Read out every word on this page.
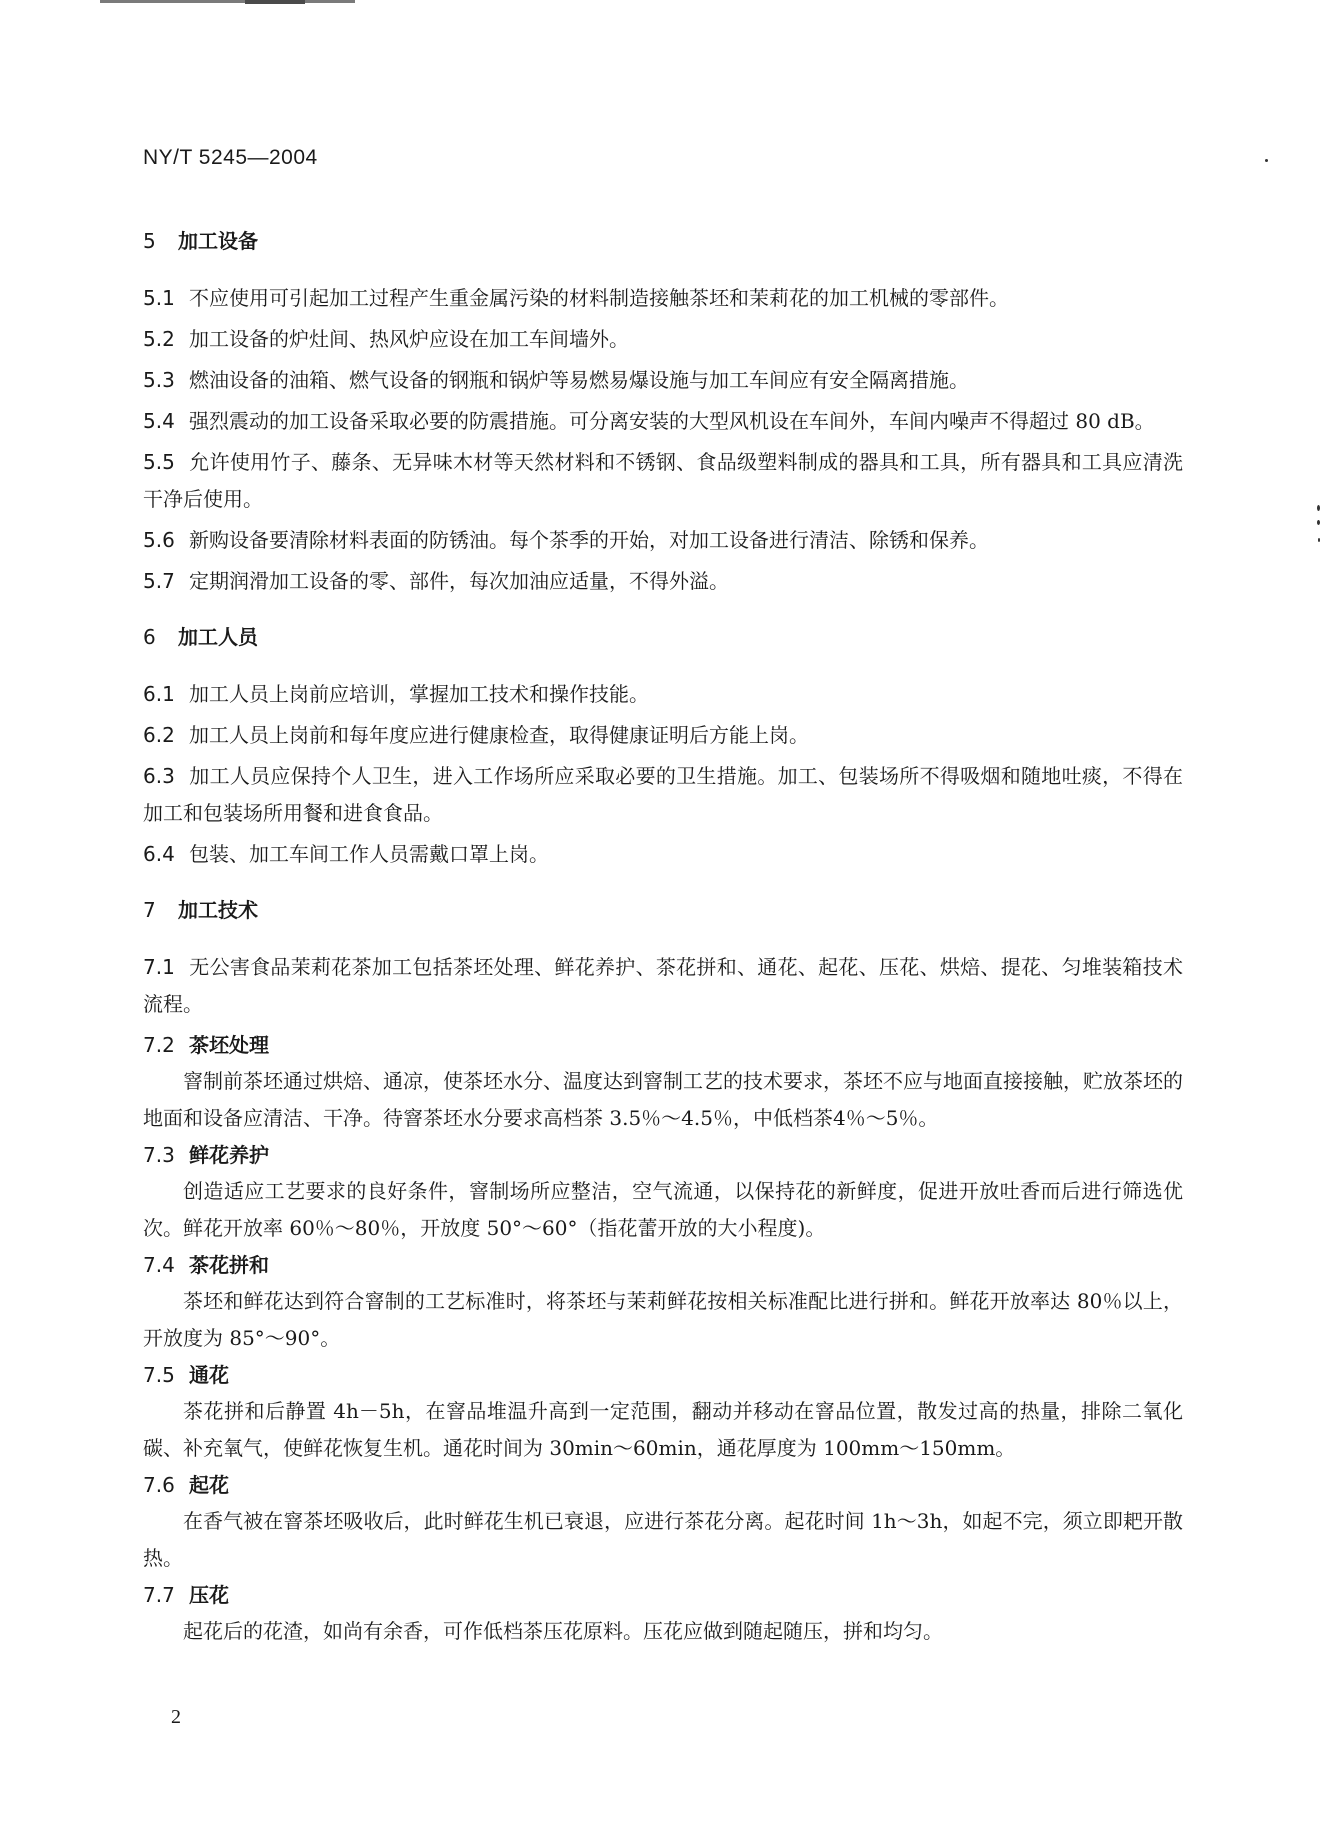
NY/T 5245—2004
5 加工设备

5.1 不应使用可引起加工过程产生重金属污染的材料制造接触茶坯和茉莉花的加工机械的零部件。

5.2 加工设备的炉灶间、热风炉应设在加工车间墙外。

5.3 燃油设备的油箱、燃气设备的钢瓶和锅炉等易燃易爆设施与加工车间应有安全隔离措施。

5.4 强烈震动的加工设备采取必要的防震措施。可分离安装的大型风机设在车间外，车间内噪声不得超过 80 dB。

5.5 允许使用竹子、藤条、无异味木材等天然材料和不锈钢、食品级塑料制成的器具和工具，所有器具和工具应清洗干净后使用。

5.6 新购设备要清除材料表面的防锈油。每个茶季的开始，对加工设备进行清洁、除锈和保养。

5.7 定期润滑加工设备的零、部件，每次加油应适量，不得外溢。

6 加工人员

6.1 加工人员上岗前应培训，掌握加工技术和操作技能。

6.2 加工人员上岗前和每年度应进行健康检查，取得健康证明后方能上岗。

6.3 加工人员应保持个人卫生，进入工作场所应采取必要的卫生措施。加工、包装场所不得吸烟和随地吐痰，不得在加工和包装场所用餐和进食食品。

6.4 包装、加工车间工作人员需戴口罩上岗。

7 加工技术

7.1 无公害食品茉莉花茶加工包括茶坯处理、鲜花养护、茶花拼和、通花、起花、压花、烘焙、提花、匀堆装箱技术流程。

7.2 茶坯处理

窨制前茶坯通过烘焙、通凉，使茶坯水分、温度达到窨制工艺的技术要求，茶坯不应与地面直接接触，贮放茶坯的地面和设备应清洁、干净。待窨茶坯水分要求高档茶 3.5％～4.5％，中低档茶4％～5％。

7.3 鲜花养护

创造适应工艺要求的良好条件，窨制场所应整洁，空气流通，以保持花的新鲜度，促进开放吐香而后进行筛选优次。鲜花开放率 60％～80％，开放度 50°～60°（指花蕾开放的大小程度)。

7.4 茶花拼和

茶坯和鲜花达到符合窨制的工艺标准时，将茶坯与茉莉鲜花按相关标准配比进行拼和。鲜花开放率达 80％以上，开放度为 85°～90°。

7.5 通花

茶花拼和后静置 4h－5h，在窨品堆温升高到一定范围，翻动并移动在窨品位置，散发过高的热量，排除二氧化碳、补充氧气，使鲜花恢复生机。通花时间为 30min～60min，通花厚度为 100mm～150mm。

7.6 起花

在香气被在窨茶坯吸收后，此时鲜花生机已衰退，应进行茶花分离。起花时间 1h～3h，如起不完，须立即耙开散热。

7.7 压花

起花后的花渣，如尚有余香，可作低档茶压花原料。压花应做到随起随压，拼和均匀。

2
